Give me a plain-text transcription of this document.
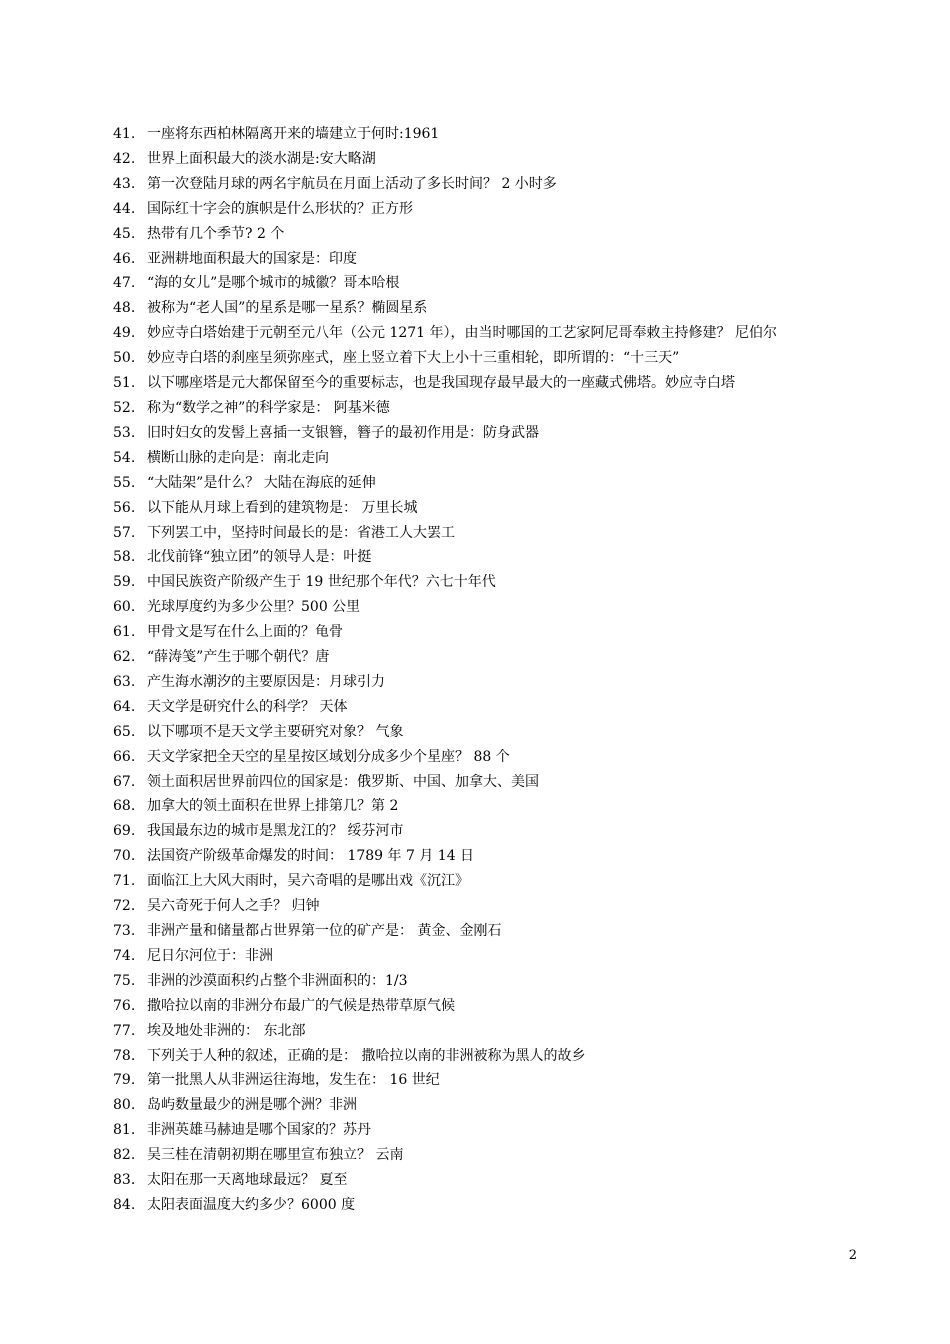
41. 一座将东西柏林隔离开来的墙建立于何时:1961
42. 世界上面积最大的淡水湖是:安大略湖
43. 第一次登陆月球的两名宇航员在月面上活动了多长时间？ 2 小时多
44. 国际红十字会的旗帜是什么形状的？正方形
45. 热带有几个季节? 2 个
46. 亚洲耕地面积最大的国家是：印度
47. “海的女儿”是哪个城市的城徽？哥本哈根
48. 被称为“老人国”的星系是哪一星系？椭圆星系
49. 妙应寺白塔始建于元朝至元八年（公元 1271 年），由当时哪国的工艺家阿尼哥奉敕主持修建？ 尼伯尔
50. 妙应寺白塔的刹座呈须弥座式，座上竖立着下大上小十三重相轮，即所谓的：“十三天”
51. 以下哪座塔是元大都保留至今的重要标志，也是我国现存最早最大的一座藏式佛塔。妙应寺白塔
52. 称为“数学之神”的科学家是： 阿基米德
53. 旧时妇女的发髻上喜插一支银簪，簪子的最初作用是：防身武器
54. 横断山脉的走向是：南北走向
55. “大陆架”是什么？ 大陆在海底的延伸
56. 以下能从月球上看到的建筑物是： 万里长城
57. 下列罢工中，坚持时间最长的是：省港工人大罢工
58. 北伐前锋“独立团”的领导人是：叶挺
59. 中国民族资产阶级产生于 19 世纪那个年代？六七十年代
60. 光球厚度约为多少公里？500 公里
61. 甲骨文是写在什么上面的？龟骨
62. “薛涛笺”产生于哪个朝代？唐
63. 产生海水潮汐的主要原因是：月球引力
64. 天文学是研究什么的科学？ 天体
65. 以下哪项不是天文学主要研究对象？ 气象
66. 天文学家把全天空的星星按区域划分成多少个星座？ 88 个
67. 领土面积居世界前四位的国家是：俄罗斯、中国、加拿大、美国
68. 加拿大的领土面积在世界上排第几？第 2
69. 我国最东边的城市是黑龙江的？ 绥芬河市
70. 法国资产阶级革命爆发的时间： 1789 年 7 月 14 日
71. 面临江上大风大雨时，吴六奇唱的是哪出戏《沉江》
72. 吴六奇死于何人之手？ 归钟
73. 非洲产量和储量都占世界第一位的矿产是： 黄金、金刚石
74. 尼日尔河位于：非洲
75. 非洲的沙漠面积约占整个非洲面积的：1/3
76. 撒哈拉以南的非洲分布最广的气候是热带草原气候
77. 埃及地处非洲的： 东北部
78. 下列关于人种的叙述，正确的是： 撒哈拉以南的非洲被称为黑人的故乡
79. 第一批黑人从非洲运往海地，发生在： 16 世纪
80. 岛屿数量最少的洲是哪个洲？非洲
81. 非洲英雄马赫迪是哪个国家的？苏丹
82. 吴三桂在清朝初期在哪里宣布独立？ 云南
83. 太阳在那一天离地球最远？ 夏至
84. 太阳表面温度大约多少？6000 度
2
